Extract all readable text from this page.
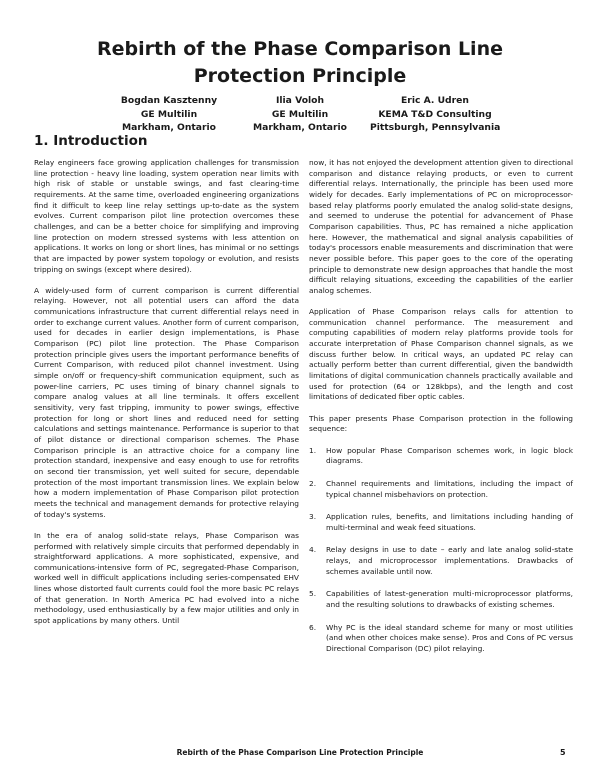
Rebirth of the Phase Comparison Line
Protection Principle
Bogdan Kasztenny
GE Multilin
Markham, Ontario
Ilia Voloh
GE Multilin
Markham, Ontario
Eric A. Udren
KEMA T&D Consulting
Pittsburgh, Pennsylvania
1. Introduction

Relay engineers face growing application challenges for transmission line protection - heavy line loading, system operation near limits with high risk of stable or unstable swings, and fast clearing-time requirements. At the same time, overloaded engineering organizations find it difficult to keep line relay settings up-to-date as the system evolves. Current comparison pilot line protection overcomes these challenges, and can be a better choice for simplifying and improving line protection on modern stressed systems with less attention on applications. It works on long or short lines, has minimal or no settings that are impacted by power system topology or evolution, and resists tripping on swings (except where desired).

A widely-used form of current comparison is current differential relaying. However, not all potential users can afford the data communications infrastructure that current differential relays need in order to exchange current values. Another form of current comparison, used for decades in earlier design implementations, is Phase Comparison (PC) pilot line protection. The Phase Comparison protection principle gives users the important performance benefits of Current Comparison, with reduced pilot channel investment. Using simple on/off or frequency-shift communication equipment, such as power-line carriers, PC uses timing of binary channel signals to compare analog values at all line terminals. It offers excellent sensitivity, very fast tripping, immunity to power swings, effective protection for long or short lines and reduced need for setting calculations and settings maintenance. Performance is superior to that of pilot distance or directional comparison schemes. The Phase Comparison principle is an attractive choice for a company line protection standard, inexpensive and easy enough to use for retrofits on second tier transmission, yet well suited for secure, dependable protection of the most important transmission lines. We explain below how a modern implementation of Phase Comparison pilot protection meets the technical and management demands for protective relaying of today's systems.

In the era of analog solid-state relays, Phase Comparison was performed with relatively simple circuits that performed dependably in straightforward applications. A more sophisticated, expensive, and communications-intensive form of PC, segregated-Phase Comparison, worked well in difficult applications including series-compensated EHV lines whose distorted fault currents could fool the more basic PC relays of that generation. In North America PC had evolved into a niche methodology, used enthusiastically by a few major utilities and only in spot applications by many others. Until

now, it has not enjoyed the development attention given to directional comparison and distance relaying products, or even to current differential relays. Internationally, the principle has been used more widely for decades. Early implementations of PC on microprocessor-based relay platforms poorly emulated the analog solid-state designs, and seemed to underuse the potential for advancement of Phase Comparison capabilities. Thus, PC has remained a niche application here. However, the mathematical and signal analysis capabilities of today's processors enable measurements and discrimination that were never possible before. This paper goes to the core of the operating principle to demonstrate new design approaches that handle the most difficult relaying situations, exceeding the capabilities of the earlier analog schemes.

Application of Phase Comparison relays calls for attention to communication channel performance. The measurement and computing capabilities of modern relay platforms provide tools for accurate interpretation of Phase Comparison channel signals, as we discuss further below. In critical ways, an updated PC relay can actually perform better than current differential, given the bandwidth limitations of digital communication channels practically available and used for protection (64 or 128kbps), and the length and cost limitations of dedicated fiber optic cables.

This paper presents Phase Comparison protection in the following sequence:

1. How popular Phase Comparison schemes work, in logic block diagrams.
2. Channel requirements and limitations, including the impact of typical channel misbehaviors on protection.
3. Application rules, benefits, and limitations including handing of multi-terminal and weak feed situations.
4. Relay designs in use to date – early and late analog solid-state relays, and microprocessor implementations. Drawbacks of schemes available until now.
5. Capabilities of latest-generation multi-microprocessor platforms, and the resulting solutions to drawbacks of existing schemes.
6. Why PC is the ideal standard scheme for many or most utilities (and when other choices make sense). Pros and Cons of PC versus Directional Comparison (DC) pilot relaying.
Rebirth of the Phase Comparison Line Protection Principle	5
